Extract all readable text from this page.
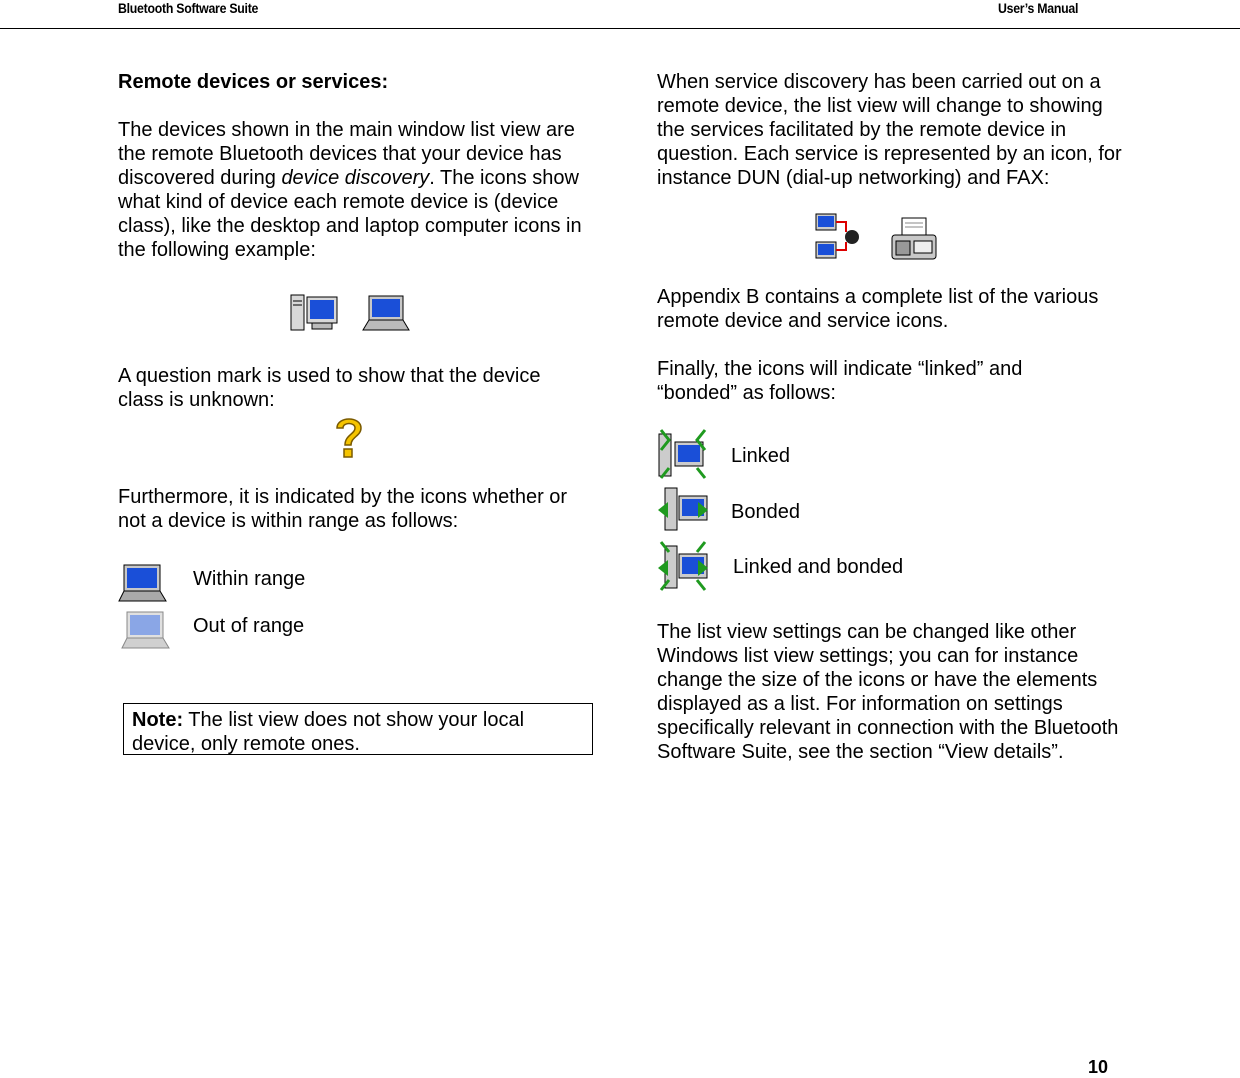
Bluetooth Software Suite	User’s Manual
Remote devices or services:
The devices shown in the main window list view are the remote Bluetooth devices that your device has discovered during device discovery. The icons show what kind of device each remote device is (device class), like the desktop and laptop computer icons in the following example:
A question mark is used to show that the device class is unknown:
Furthermore, it is indicated by the icons whether or not a device is within range as follows:
Within range
Out of range
Note: The list view does not show your local device, only remote ones.
When service discovery has been carried out on a remote device, the list view will change to showing the services facilitated by the remote device in question. Each service is represented by an icon, for instance DUN (dial-up networking) and FAX:
Appendix B contains a complete list of the various remote device and service icons.
Finally, the icons will indicate “linked” and “bonded” as follows:
Linked
Bonded
Linked and bonded
The list view settings can be changed like other Windows list view settings; you can for instance change the size of the icons or have the elements displayed as a list. For information on settings specifically relevant in connection with the Bluetooth Software Suite, see the section “View details”.
10
